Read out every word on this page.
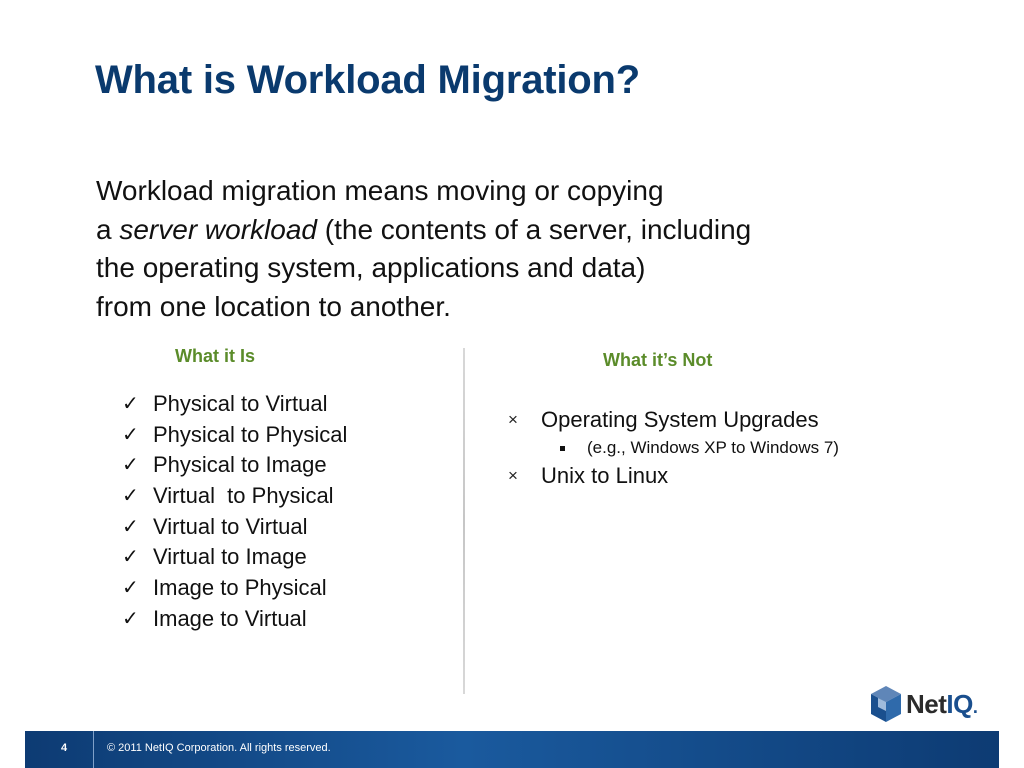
What is Workload Migration?
Workload migration means moving or copying
a server workload (the contents of a server, including
the operating system, applications and data)
from one location to another.
What it Is	What it’s Not
✓ Physical to Virtual
✓ Physical to Physical
✓ Physical to Image
✓ Virtual  to Physical
✓ Virtual to Virtual
✓ Virtual to Image
✓ Image to Physical
✓ Image to Virtual
×	Operating System Upgrades
(e.g., Windows XP to Windows 7)
×	Unix to Linux
NetIQ.
4	© 2011 NetIQ Corporation. All rights reserved.
